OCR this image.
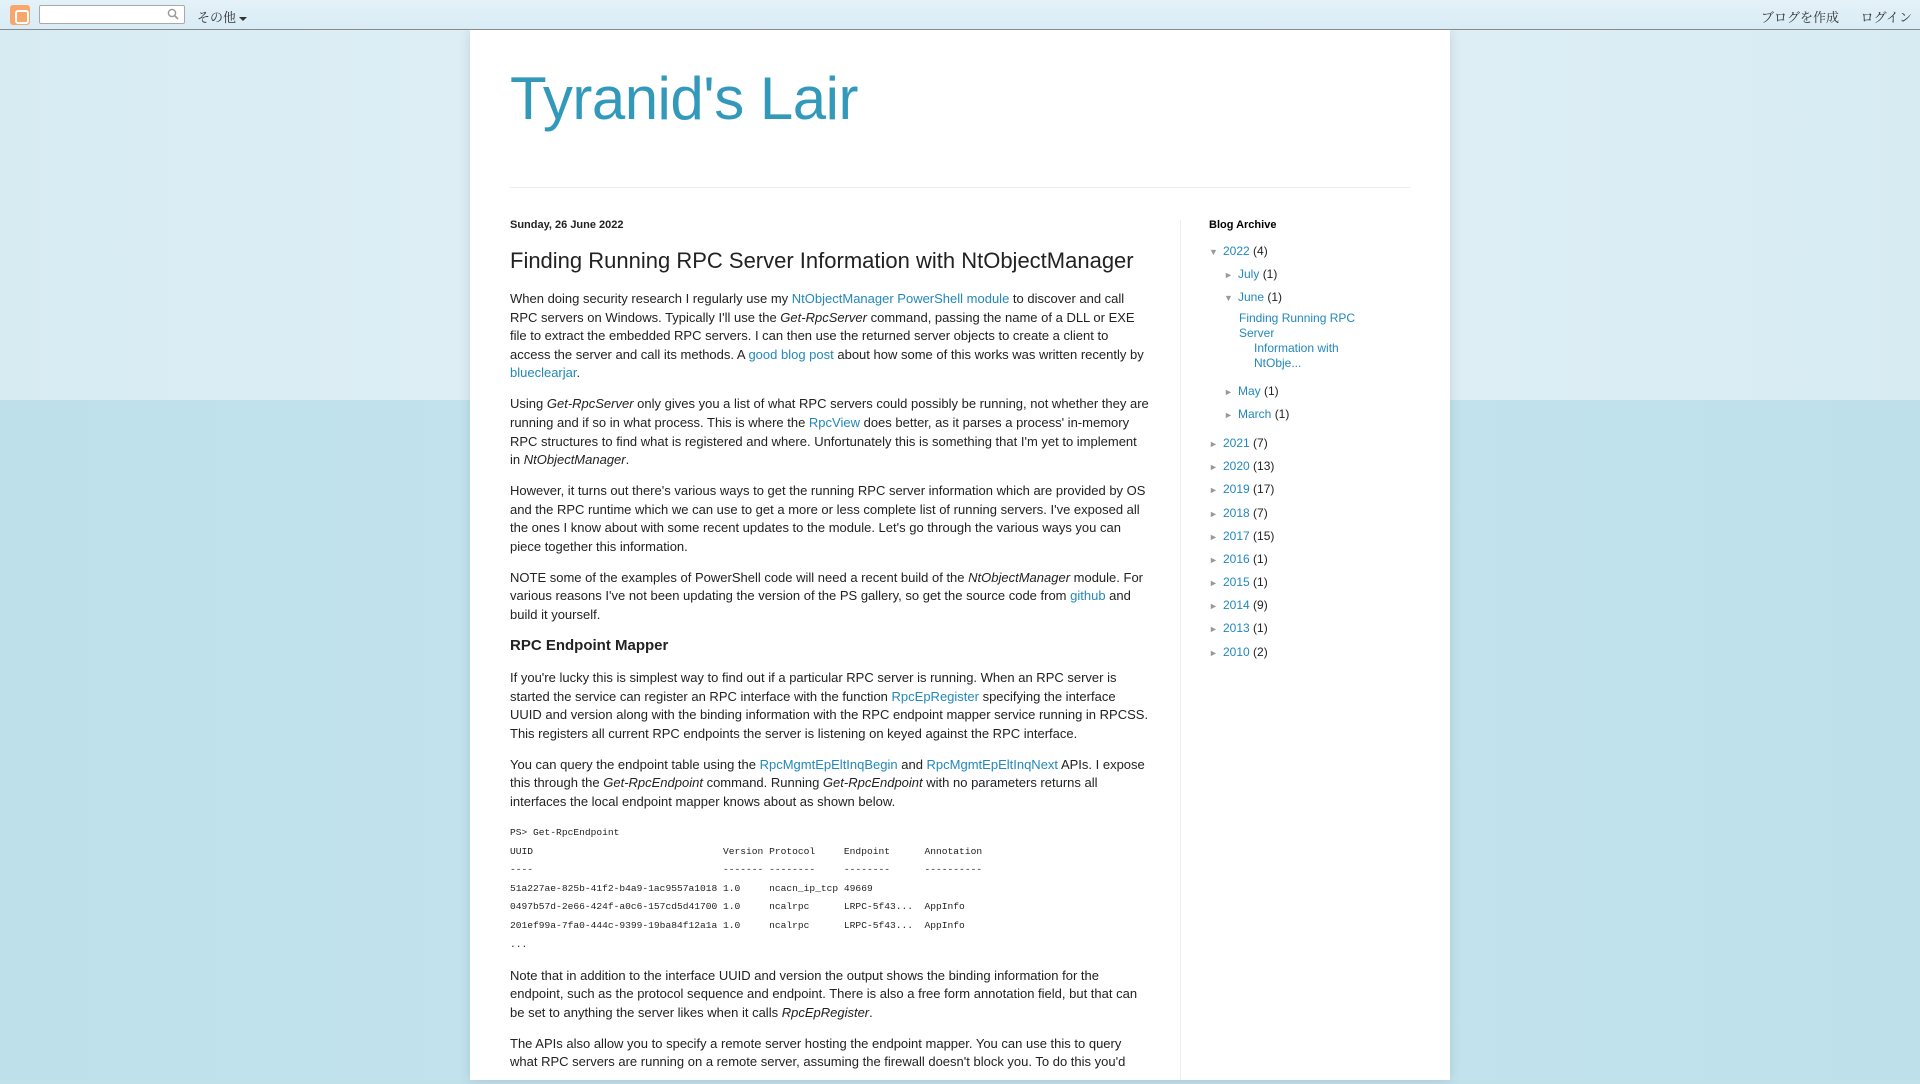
その他	ブログを作成 ログイン
Tyranid's Lair
Sunday, 26 June 2022
Finding Running RPC Server Information with NtObjectManager

When doing security research I regularly use my NtObjectManager PowerShell module to discover and call RPC servers on Windows. Typically I'll use the Get-RpcServer command, passing the name of a DLL or EXE file to extract the embedded RPC servers. I can then use the returned server objects to create a client to access the server and call its methods. A good blog post about how some of this works was written recently by blueclearjar.

Using Get-RpcServer only gives you a list of what RPC servers could possibly be running, not whether they are running and if so in what process. This is where the RpcView does better, as it parses a process' in-memory RPC structures to find what is registered and where. Unfortunately this is something that I'm yet to implement in NtObjectManager.

However, it turns out there's various ways to get the running RPC server information which are provided by OS and the RPC runtime which we can use to get a more or less complete list of running servers. I've exposed all the ones I know about with some recent updates to the module. Let's go through the various ways you can piece together this information.

NOTE some of the examples of PowerShell code will need a recent build of the NtObjectManager module. For various reasons I've not been updating the version of the PS gallery, so get the source code from github and build it yourself.

RPC Endpoint Mapper

If you're lucky this is simplest way to find out if a particular RPC server is running. When an RPC server is started the service can register an RPC interface with the function RpcEpRegister specifying the interface UUID and version along with the binding information with the RPC endpoint mapper service running in RPCSS. This registers all current RPC endpoints the server is listening on keyed against the RPC interface.

You can query the endpoint table using the RpcMgmtEpEltInqBegin and RpcMgmtEpEltInqNext APIs. I expose this through the Get-RpcEndpoint command. Running Get-RpcEndpoint with no parameters returns all interfaces the local endpoint mapper knows about as shown below.

PS> Get-RpcEndpoint
UUID                                 Version Protocol     Endpoint      Annotation
----                                 ------- --------     --------      ----------
51a227ae-825b-41f2-b4a9-1ac9557a1018 1.0     ncacn_ip_tcp 49669
0497b57d-2e66-424f-a0c6-157cd5d41700 1.0     ncalrpc      LRPC-5f43...  AppInfo
201ef99a-7fa0-444c-9399-19ba84f12a1a 1.0     ncalrpc      LRPC-5f43...  AppInfo
...

Note that in addition to the interface UUID and version the output shows the binding information for the endpoint, such as the protocol sequence and endpoint. There is also a free form annotation field, but that can be set to anything the server likes when it calls RpcEpRegister.

The APIs also allow you to specify a remote server hosting the endpoint mapper. You can use this to query what RPC servers are running on a remote server, assuming the firewall doesn't block you. To do this you'd

Blog Archive
▼ 2022 (4)
► July (1)
▼ June (1)
Finding Running RPC Server
Information with NtObje...
► May (1)
► March (1)
► 2021 (7)
► 2020 (13)
► 2019 (17)
► 2018 (7)
► 2017 (15)
► 2016 (1)
► 2015 (1)
► 2014 (9)
► 2013 (1)
► 2010 (2)
